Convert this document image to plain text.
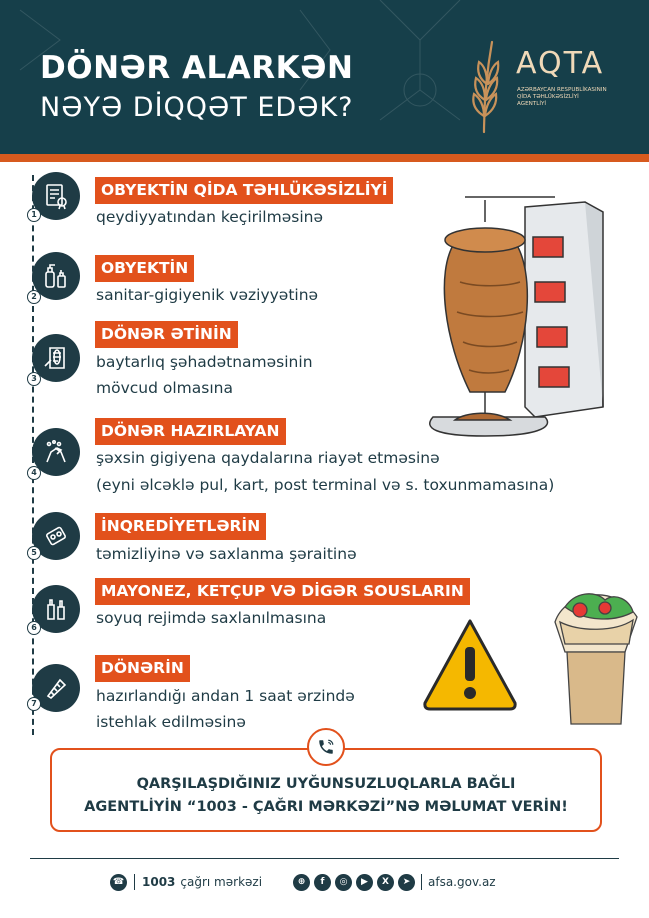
DÖNƏR ALARKƏN
NƏYƏ DİQQƏT EDƏK?
AQTA
AZƏRBAYCAN RESPUBLİKASININ QİDA TƏHLÜKƏSİZLİYİ AGENTLİYİ
1
OBYEKTİN QİDA TƏHLÜKƏSİZLİYİ
qeydiyyatından keçirilməsinə
2
OBYEKTİN
sanitar-gigiyenik vəziyyətinə
3
DÖNƏR ƏTİNİN
baytarlıq şəhadətnaməsinin
mövcud olmasına
4
DÖNƏR HAZIRLAYAN
şəxsin gigiyena qaydalarına riayət etməsinə
(eyni əlcəklə pul, kart, post terminal və s. toxunmamasına)
5
İNQREDİYETLƏRİN
təmizliyinə və saxlanma şəraitinə
6
MAYONEZ, KETÇUP VƏ DİGƏR SOUSLARIN
soyuq rejimdə saxlanılmasına
7
DÖNƏRİN
hazırlandığı andan 1 saat ərzində
istehlak edilməsinə
QARŞILAŞDIĞINIZ UYĞUNSUZLUQLARLA BAĞLI
AGENTLİYİN “1003 - ÇAĞRI MƏRKƏZİ”NƏ MƏLUMAT VERİN!
☎ 1003 çağrı mərkəzi	⊕	f	◎	▶	X	➤	afsa.gov.az
